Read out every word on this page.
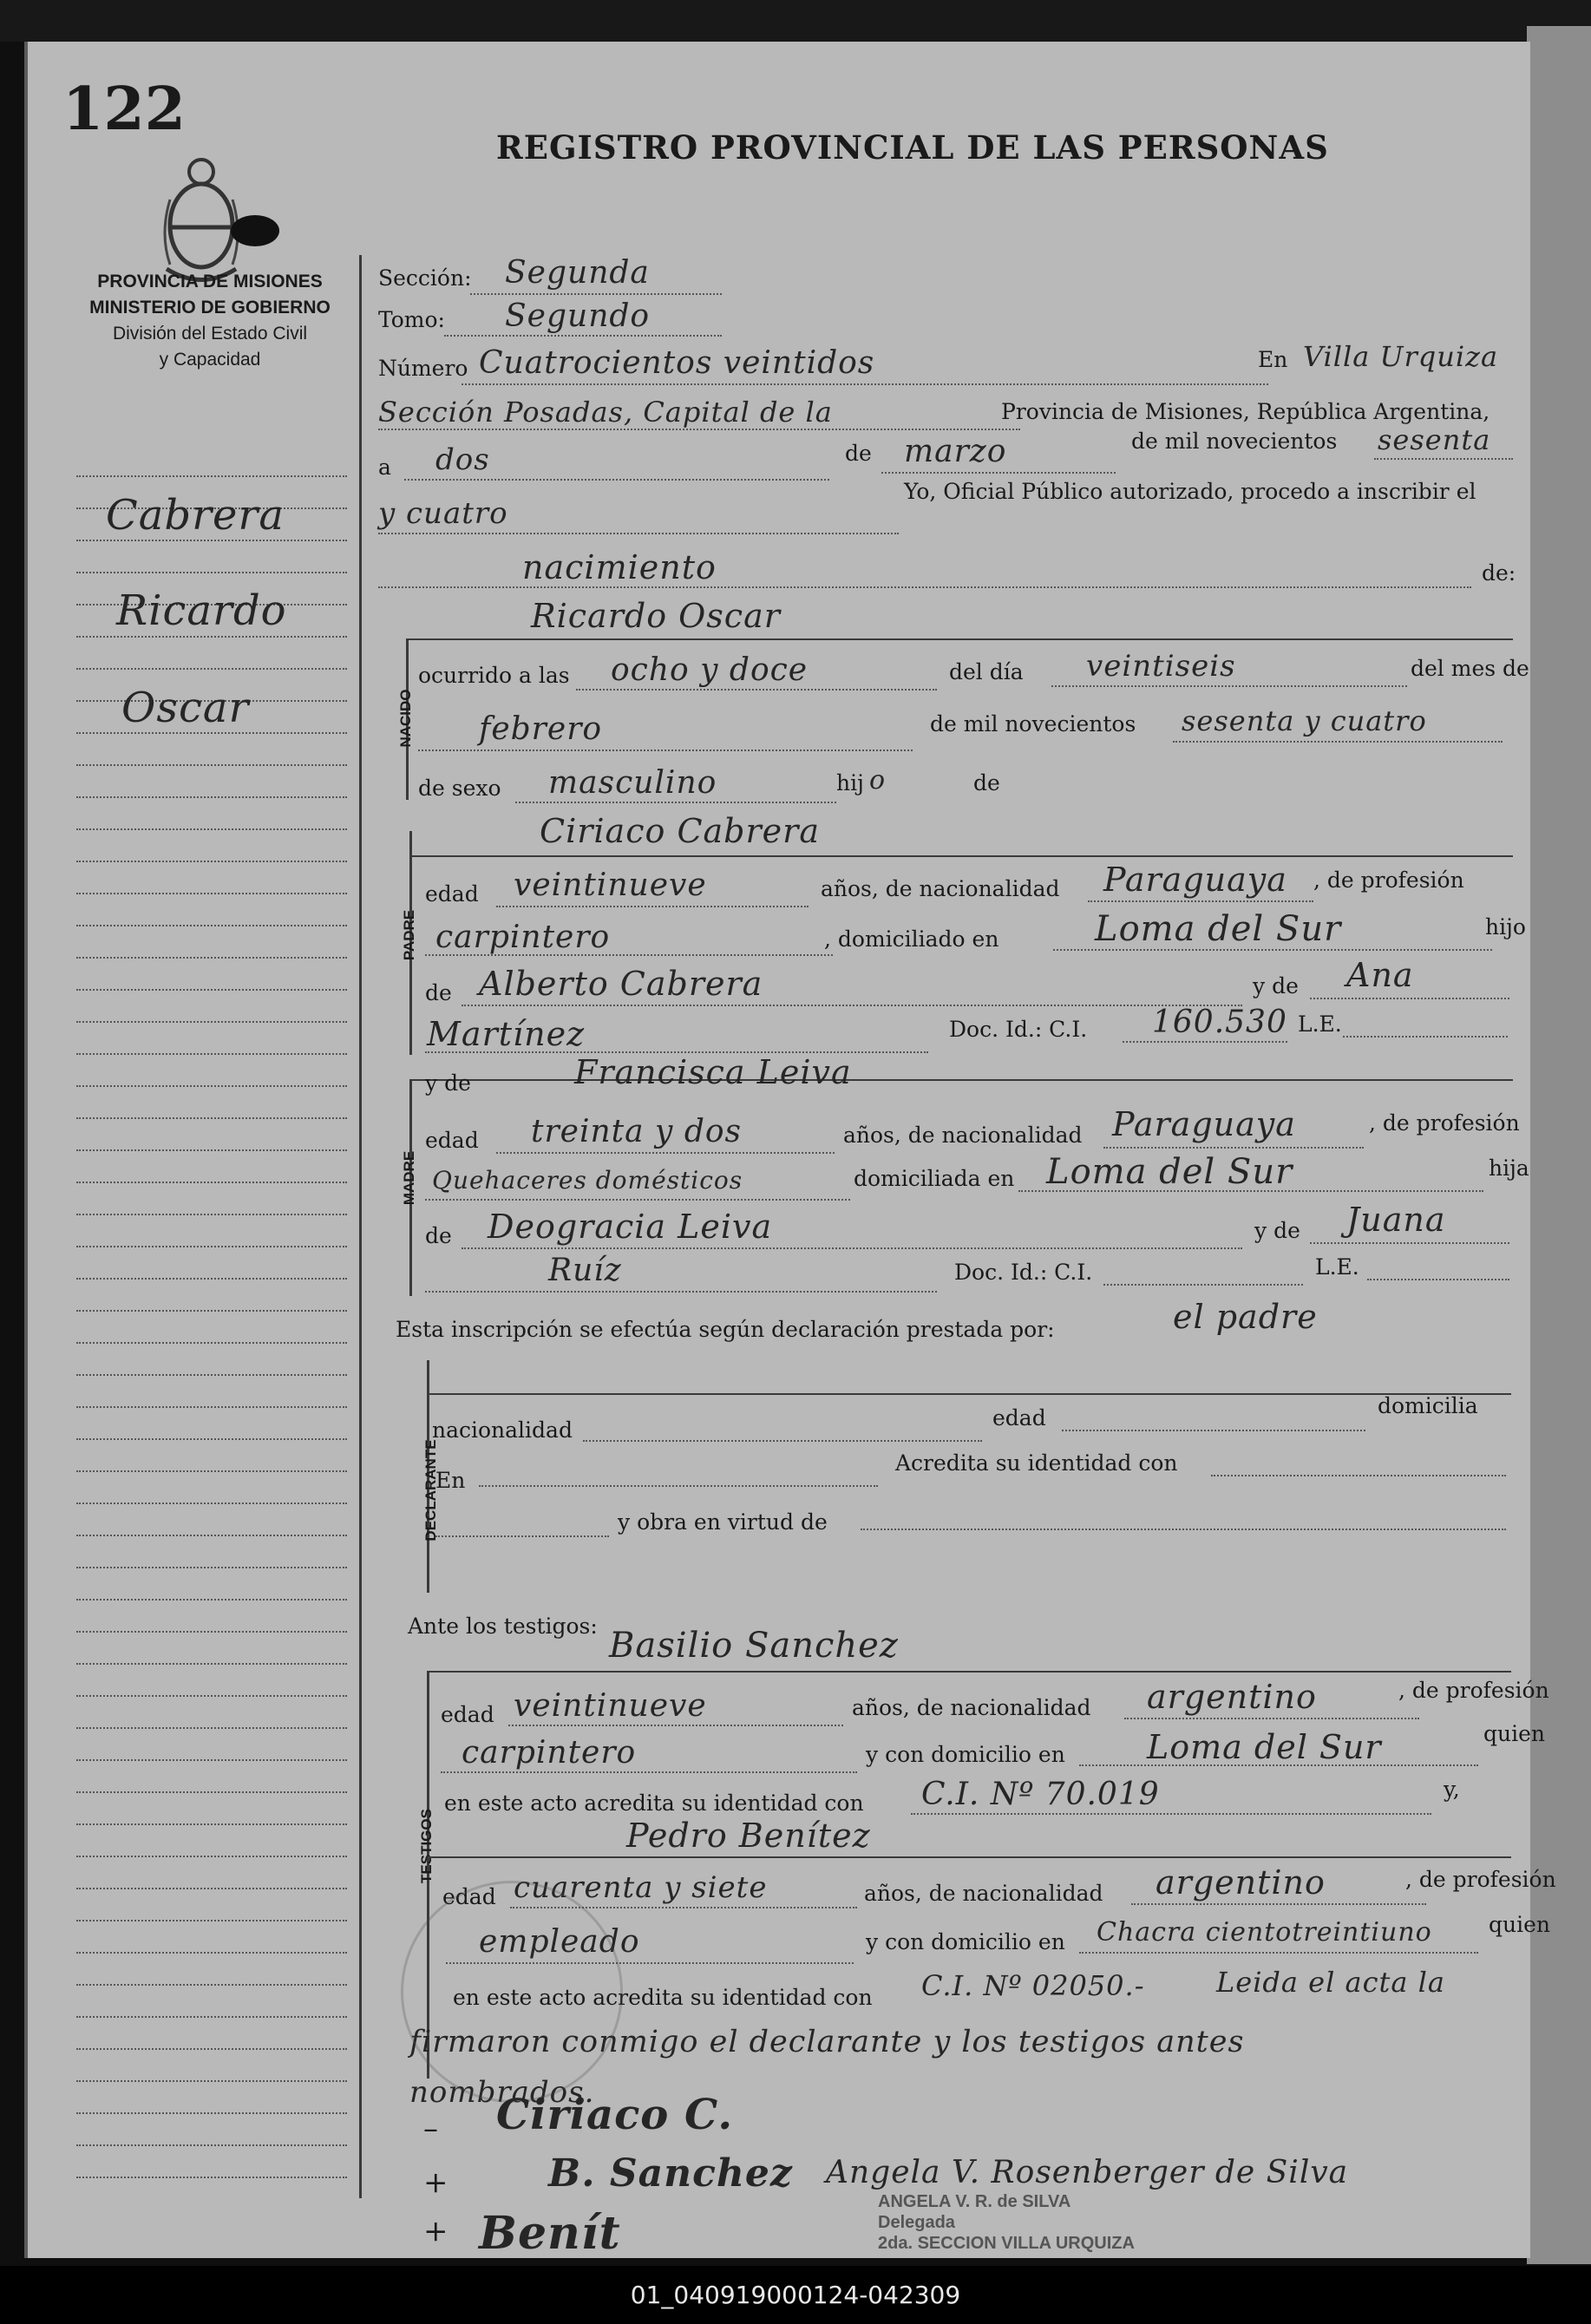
122
REGISTRO PROVINCIAL DE LAS PERSONAS
PROVINCIA DE MISIONES
MINISTERIO DE GOBIERNO
División del Estado Civil
y Capacidad
Cabrera
Ricardo
Oscar
Sección: Segunda
Tomo: Segundo
Número Cuatrocientos veintidos	En Villa Urquiza
Sección Posadas, Capital de la	Provincia de Misiones, República Argentina,
a dos	de marzo	de mil novecientos sesenta
y cuatro
Yo, Oficial Público autorizado, procedo a inscribir el
nacimiento	de:
NACIDO
Ricardo Oscar
ocurrido a las ocho y doce	del día veintiseis	del mes de
febrero	de mil novecientos sesenta y cuatro
de sexo masculino	hij o	de
PADRE
Ciriaco Cabrera
edad veintinueve	años, de nacionalidad Paraguaya , de profesión
carpintero	, domiciliado en	Loma del Sur	hijo
de Alberto Cabrera	y de Ana
Martínez	Doc. Id.: C.I. 160.530 L.E.
MADRE
y de	Francisca Leiva
edad treinta y dos	años, de nacionalidad Paraguaya	, de profesión
Quehaceres domésticos	domiciliada en Loma del Sur	hija
de Deogracia Leiva	y de Juana
Ruíz	Doc. Id.: C.I.	L.E.
Esta inscripción se efectúa según declaración prestada por:	el padre
DECLARANTE
nacionalidad	edad	domicilia
En
Acredita su identidad con
y obra en virtud de
Ante los testigos:
TESTIGOS
Basilio Sanchez
edad veintinueve	años, de nacionalidad argentino	, de profesión
carpintero	y con domicilio en Loma del Sur	quien
en este acto acredita su identidad con C.I. Nº 70.019	y,
Pedro Benítez
edad cuarenta y siete	años, de nacionalidad argentino	, de profesión
empleado	y con domicilio en Chacra cientotreintiuno	quien
en este acto acredita su identidad con C.I. Nº 02050.-	Leida el acta la
firmaron conmigo el declarante y los testigos antes
nombrados.
Ciriaco C.
–
B. Sanchez Angela V. Rosenberger de Silva
+
+ Benít
ANGELA V. R. de SILVA
Delegada
2da. SECCION VILLA URQUIZA
01_040919000124-042309
